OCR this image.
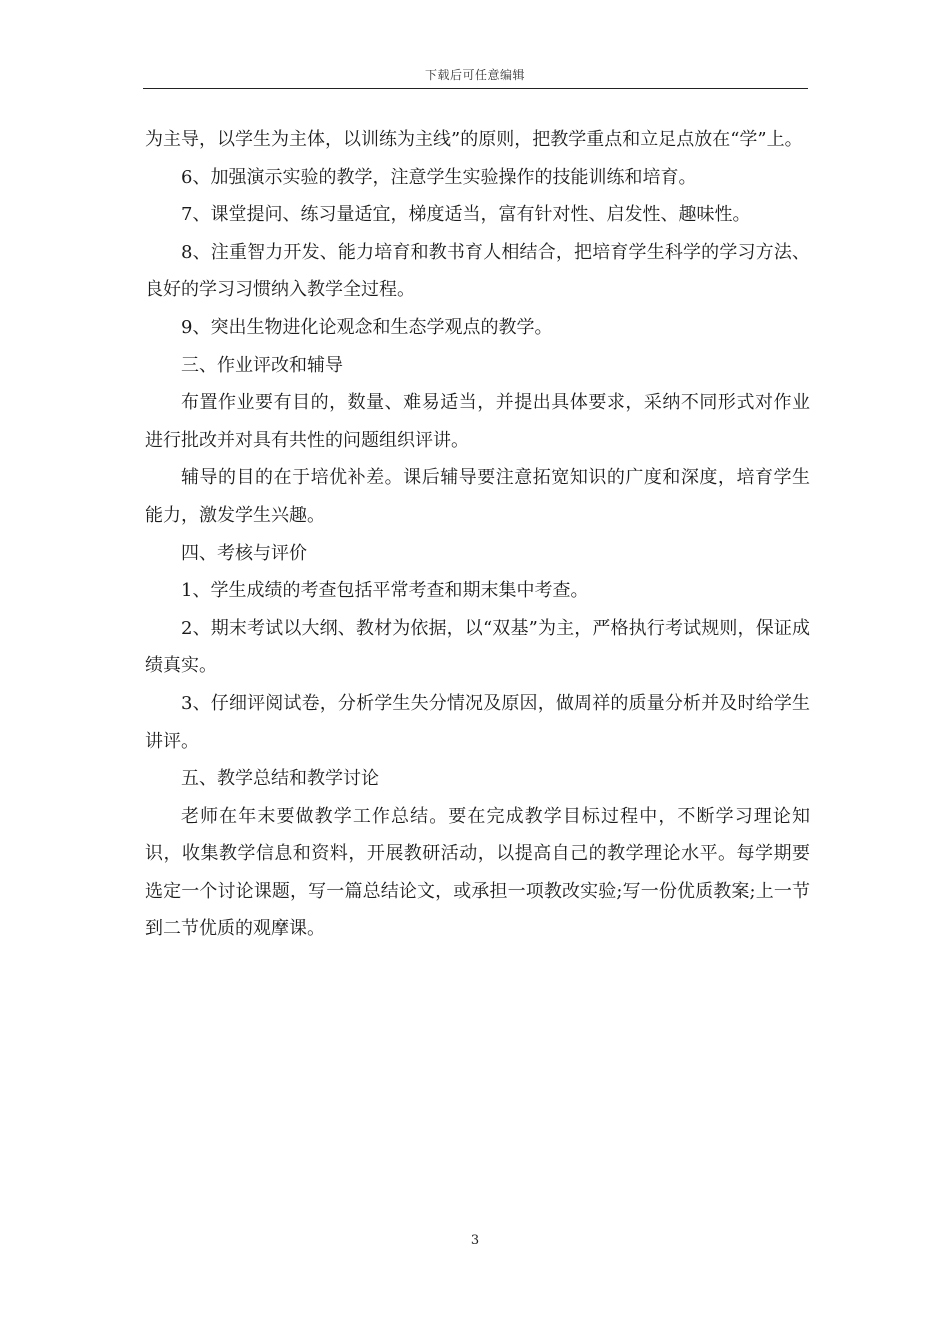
下载后可任意编辑

为主导，以学生为主体，以训练为主线”的原则，把教学重点和立足点放在“学”上。

6、加强演示实验的教学，注意学生实验操作的技能训练和培育。

7、课堂提问、练习量适宜，梯度适当，富有针对性、启发性、趣味性。

8、注重智力开发、能力培育和教书育人相结合，把培育学生科学的学习方法、良好的学习习惯纳入教学全过程。

9、突出生物进化论观念和生态学观点的教学。

三、作业评改和辅导

布置作业要有目的，数量、难易适当，并提出具体要求，采纳不同形式对作业进行批改并对具有共性的问题组织评讲。

辅导的目的在于培优补差。课后辅导要注意拓宽知识的广度和深度，培育学生能力，激发学生兴趣。

四、考核与评价

1、学生成绩的考查包括平常考查和期末集中考查。

2、期末考试以大纲、教材为依据，以“双基”为主，严格执行考试规则，保证成绩真实。

3、仔细评阅试卷，分析学生失分情况及原因，做周祥的质量分析并及时给学生讲评。

五、教学总结和教学讨论

老师在年末要做教学工作总结。要在完成教学目标过程中，不断学习理论知识，收集教学信息和资料，开展教研活动，以提高自己的教学理论水平。每学期要选定一个讨论课题，写一篇总结论文，或承担一项教改实验;写一份优质教案;上一节到二节优质的观摩课。

3
